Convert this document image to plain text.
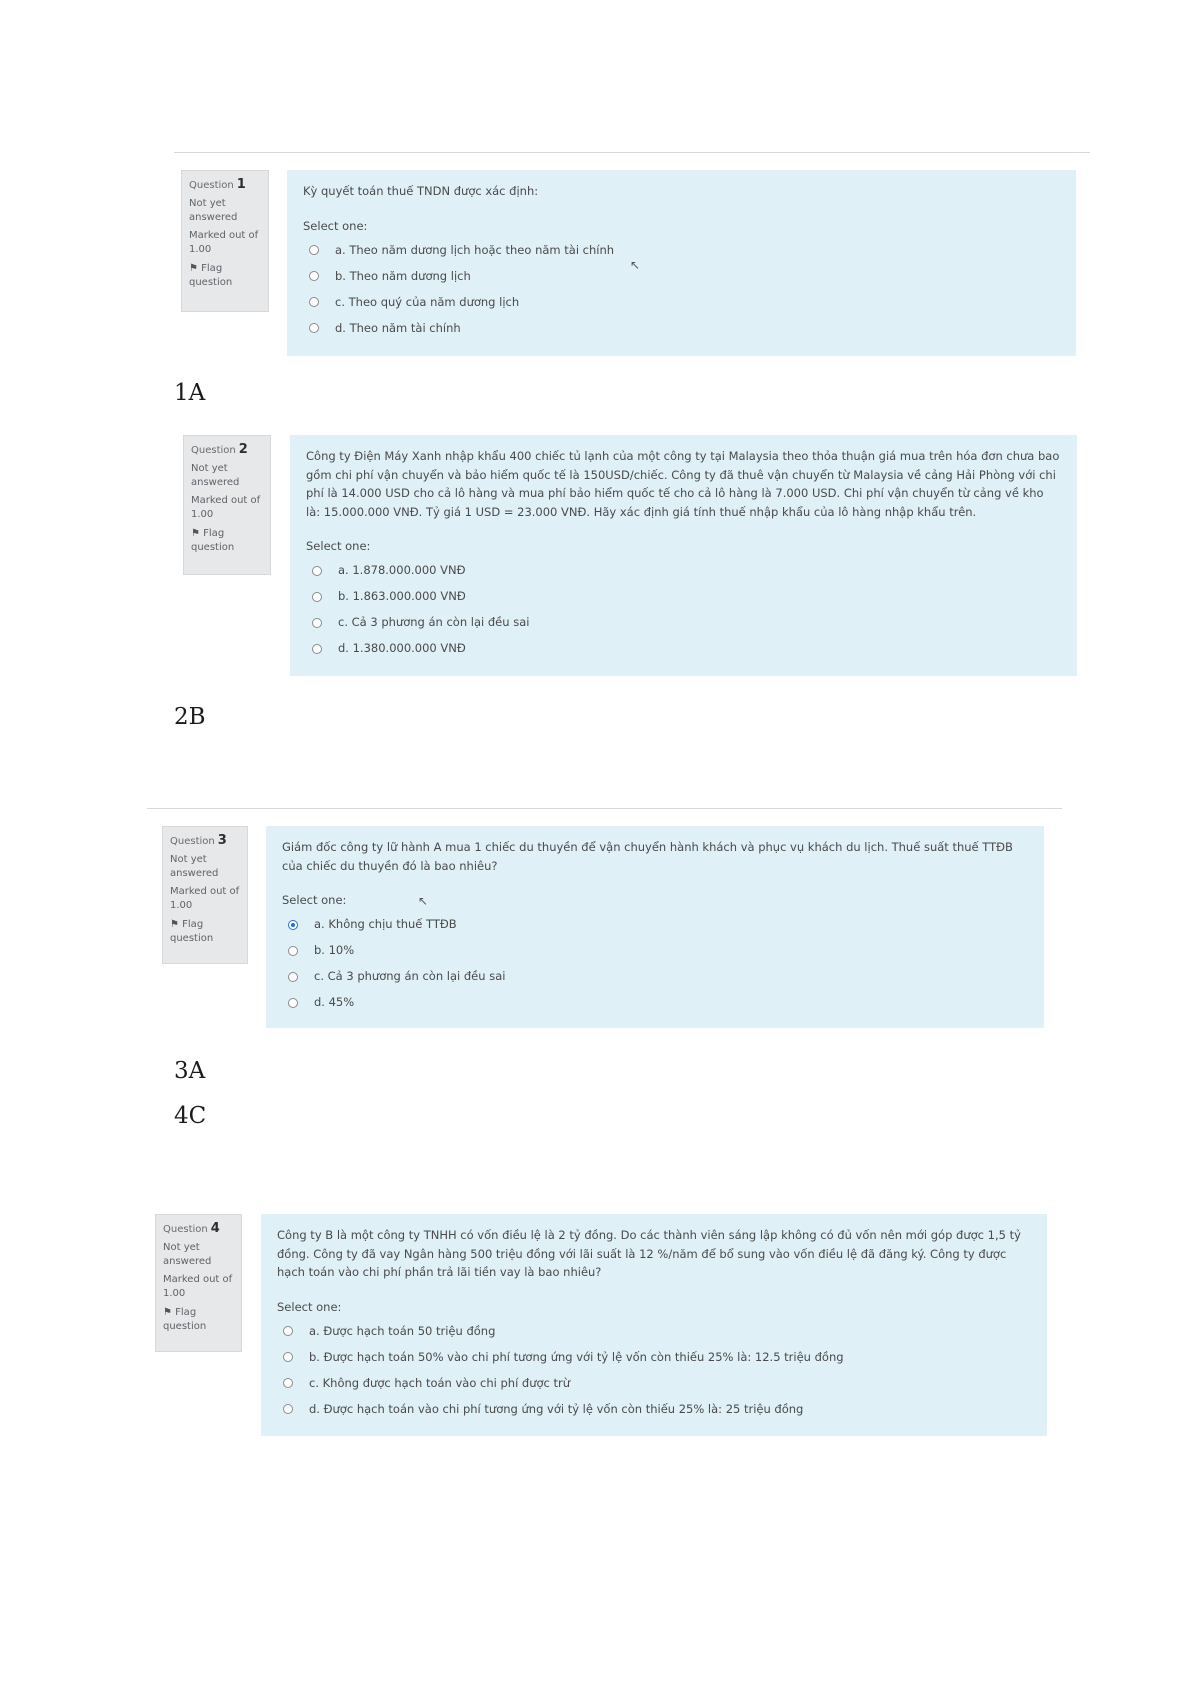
Question 1
Not yet answered
Marked out of 1.00
⚑ Flag question
Kỳ quyết toán thuế TNDN được xác định:
Select one:
a. Theo năm dương lịch hoặc theo năm tài chính
b. Theo năm dương lịch
c. Theo quý của năm dương lịch
d. Theo năm tài chính
↖
1A
Question 2
Not yet answered
Marked out of 1.00
⚑ Flag question
Công ty Điện Máy Xanh nhập khẩu 400 chiếc tủ lạnh của một công ty tại Malaysia theo thỏa thuận giá mua trên hóa đơn chưa bao gồm chi phí vận chuyển và bảo hiểm quốc tế là 150USD/chiếc. Công ty đã thuê vận chuyển từ Malaysia về cảng Hải Phòng với chi phí là 14.000 USD cho cả lô hàng và mua phí bảo hiểm quốc tế cho cả lô hàng là 7.000 USD. Chi phí vận chuyển từ cảng về kho là: 15.000.000 VNĐ. Tỷ giá 1 USD = 23.000 VNĐ. Hãy xác định giá tính thuế nhập khẩu của lô hàng nhập khẩu trên.
Select one:
a. 1.878.000.000 VNĐ
b. 1.863.000.000 VNĐ
c. Cả 3 phương án còn lại đều sai
d. 1.380.000.000 VNĐ
2B
Question 3
Not yet answered
Marked out of 1.00
⚑ Flag question
Giám đốc công ty lữ hành A mua 1 chiếc du thuyền để vận chuyển hành khách và phục vụ khách du lịch. Thuế suất thuế TTĐB của chiếc du thuyền đó là bao nhiêu?
Select one:
a. Không chịu thuế TTĐB
b. 10%
c. Cả 3 phương án còn lại đều sai
d. 45%
↖
3A
4C
Question 4
Not yet answered
Marked out of 1.00
⚑ Flag question
Công ty B là một công ty TNHH có vốn điều lệ là 2 tỷ đồng. Do các thành viên sáng lập không có đủ vốn nên mới góp được 1,5 tỷ đồng. Công ty đã vay Ngân hàng 500 triệu đồng với lãi suất là 12 %/năm để bổ sung vào vốn điều lệ đã đăng ký. Công ty được hạch toán vào chi phí phần trả lãi tiền vay là bao nhiêu?
Select one:
a. Được hạch toán 50 triệu đồng
b. Được hạch toán 50% vào chi phí tương ứng với tỷ lệ vốn còn thiếu 25% là: 12.5 triệu đồng
c. Không được hạch toán vào chi phí được trừ
d. Được hạch toán vào chi phí tương ứng với tỷ lệ vốn còn thiếu 25% là: 25 triệu đồng
